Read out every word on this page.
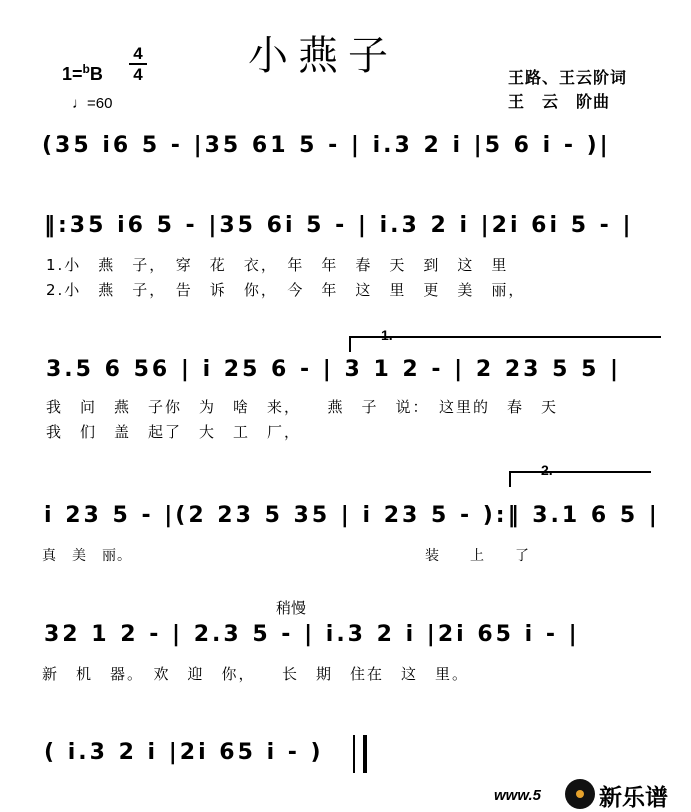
小燕子
1=$^b$B
4
4
♩=60
王路、王云阶词
王　云　阶曲
(35 i6 5 - |35 61 5 - | i.3 2 i |5 6 i - )|
‖:35 i6 5 - |35 6i 5 - | i.3 2 i |2i 6i 5 - |
1.小　燕　子，　穿　花　衣，　年　年　春　天　到　这　里
2.小　燕　子，　告　诉　你，　今　年　这　里　更　美　丽，
1.
3.5 6 56 | i 25 6 - | 3 1 2 - | 2 23 5 5 |
我　问　燕　子你　为　啥　来，　　燕　子　说：　这里的　春　天
我　们　盖　起了　大　工　厂，
2.
i 23 5 - |(2 23 5 35 | i 23 5 - ):‖ 3.1 6 5 |
真　美　丽。　　　　　　　　　　　　　　　　　　　　装　　上　　了
稍慢
32 1 2 - | 2.3 5 - | i.3 2 i |2i 65 i - |
新　机　器。　欢　迎　你，　　长　期　住在　这　里。
( i.3 2 i |2i 65 i - )
www.5	新乐谱
